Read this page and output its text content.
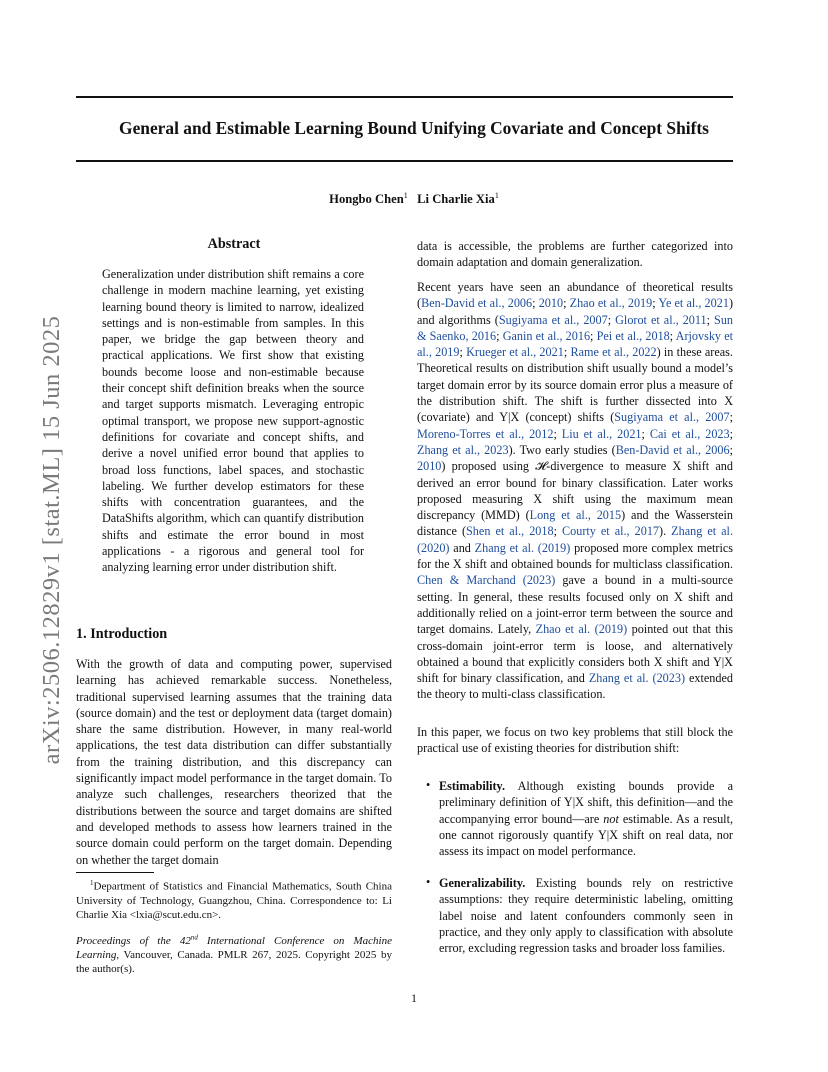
General and Estimable Learning Bound Unifying Covariate and Concept Shifts
Hongbo Chen$^1$ Li Charlie Xia$^1$
arXiv:2506.12829v1 [stat.ML] 15 Jun 2025
Abstract

Generalization under distribution shift remains a core challenge in modern machine learning, yet existing learning bound theory is limited to narrow, idealized settings and is non-estimable from samples. In this paper, we bridge the gap between theory and practical applications. We first show that existing bounds become loose and non-estimable because their concept shift definition breaks when the source and target supports mismatch. Leveraging entropic optimal transport, we propose new support-agnostic definitions for covariate and concept shifts, and derive a novel unified error bound that applies to broad loss functions, label spaces, and stochastic labeling. We further develop estimators for these shifts with concentration guarantees, and the DataShifts algorithm, which can quantify distribution shifts and estimate the error bound in most applications - a rigorous and general tool for analyzing learning error under distribution shift.

1. Introduction

With the growth of data and computing power, supervised learning has achieved remarkable success. Nonetheless, traditional supervised learning assumes that the training data (source domain) and the test or deployment data (target domain) share the same distribution. However, in many real-world applications, the test data distribution can differ substantially from the training distribution, and this discrepancy can significantly impact model performance in the target domain. To analyze such challenges, researchers theorized that the distributions between the source and target domains are shifted and developed methods to assess how learners trained in the source domain could perform on the target domain. Depending on whether the target domain

$^1$Department of Statistics and Financial Mathematics, South China University of Technology, Guangzhou, China. Correspondence to: Li Charlie Xia <lxia@scut.edu.cn>.

Proceedings of the 42nd International Conference on Machine Learning, Vancouver, Canada. PMLR 267, 2025. Copyright 2025 by the author(s).

data is accessible, the problems are further categorized into domain adaptation and domain generalization.

Recent years have seen an abundance of theoretical results (Ben-David et al., 2006; 2010; Zhao et al., 2019; Ye et al., 2021) and algorithms (Sugiyama et al., 2007; Glorot et al., 2011; Sun & Saenko, 2016; Ganin et al., 2016; Pei et al., 2018; Arjovsky et al., 2019; Krueger et al., 2021; Rame et al., 2022) in these areas. Theoretical results on distribution shift usually bound a model’s target domain error by its source domain error plus a measure of the distribution shift. The shift is further dissected into X (covariate) and Y|X (concept) shifts (Sugiyama et al., 2007; Moreno-Torres et al., 2012; Liu et al., 2021; Cai et al., 2023; Zhang et al., 2023). Two early studies (Ben-David et al., 2006; 2010) proposed using 𝓗-divergence to measure X shift and derived an error bound for binary classification. Later works proposed measuring X shift using the maximum mean discrepancy (MMD) (Long et al., 2015) and the Wasserstein distance (Shen et al., 2018; Courty et al., 2017). Zhang et al. (2020) and Zhang et al. (2019) proposed more complex metrics for the X shift and obtained bounds for multiclass classification. Chen & Marchand (2023) gave a bound in a multi-source setting. In general, these results focused only on X shift and additionally relied on a joint-error term between the source and target domains. Lately, Zhao et al. (2019) pointed out that this cross-domain joint-error term is loose, and alternatively obtained a bound that explicitly considers both X shift and Y|X shift for binary classification, and Zhang et al. (2023) extended the theory to multi-class classification.

In this paper, we focus on two key problems that still block the practical use of existing theories for distribution shift:

• Estimability. Although existing bounds provide a preliminary definition of Y|X shift, this definition—and the accompanying error bound—are not estimable. As a result, one cannot rigorously quantify Y|X shift on real data, nor assess its impact on model performance.

• Generalizability. Existing bounds rely on restrictive assumptions: they require deterministic labeling, omitting label noise and latent confounders commonly seen in practice, and they only apply to classification with absolute error, excluding regression tasks and broader loss families.

1
